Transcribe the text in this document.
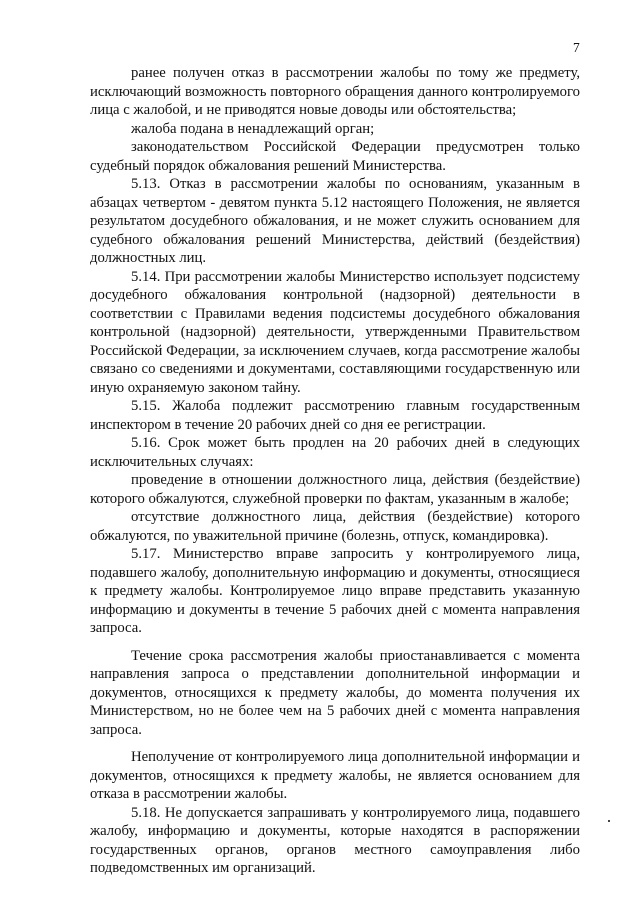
7

ранее получен отказ в рассмотрении жалобы по тому же предмету, исключающий возможность повторного обращения данного контролируемого лица с жалобой, и не приводятся новые доводы или обстоятельства;

жалоба подана в ненадлежащий орган;

законодательством Российской Федерации предусмотрен только судебный порядок обжалования решений Министерства.

5.13. Отказ в рассмотрении жалобы по основаниям, указанным в абзацах четвертом - девятом пункта 5.12 настоящего Положения, не является результатом досудебного обжалования, и не может служить основанием для судебного обжалования решений Министерства, действий (бездействия) должностных лиц.

5.14. При рассмотрении жалобы Министерство использует подсистему досудебного обжалования контрольной (надзорной) деятельности в соответствии с Правилами ведения подсистемы досудебного обжалования контрольной (надзорной) деятельности, утвержденными Правительством Российской Федерации, за исключением случаев, когда рассмотрение жалобы связано со сведениями и документами, составляющими государственную или иную охраняемую законом тайну.

5.15. Жалоба подлежит рассмотрению главным государственным инспектором в течение 20 рабочих дней со дня ее регистрации.

5.16. Срок может быть продлен на 20 рабочих дней в следующих исключительных случаях:

проведение в отношении должностного лица, действия (бездействие) которого обжалуются, служебной проверки по фактам, указанным в жалобе;

отсутствие должностного лица, действия (бездействие) которого обжалуются, по уважительной причине (болезнь, отпуск, командировка).

5.17. Министерство вправе запросить у контролируемого лица, подавшего жалобу, дополнительную информацию и документы, относящиеся к предмету жалобы. Контролируемое лицо вправе представить указанную информацию и документы в течение 5 рабочих дней с момента направления запроса.

Течение срока рассмотрения жалобы приостанавливается с момента направления запроса о представлении дополнительной информации и документов, относящихся к предмету жалобы, до момента получения их Министерством, но не более чем на 5 рабочих дней с момента направления запроса.

Неполучение от контролируемого лица дополнительной информации и документов, относящихся к предмету жалобы, не является основанием для отказа в рассмотрении жалобы.

5.18. Не допускается запрашивать у контролируемого лица, подавшего жалобу, информацию и документы, которые находятся в распоряжении государственных органов, органов местного самоуправления либо подведомственных им организаций.
